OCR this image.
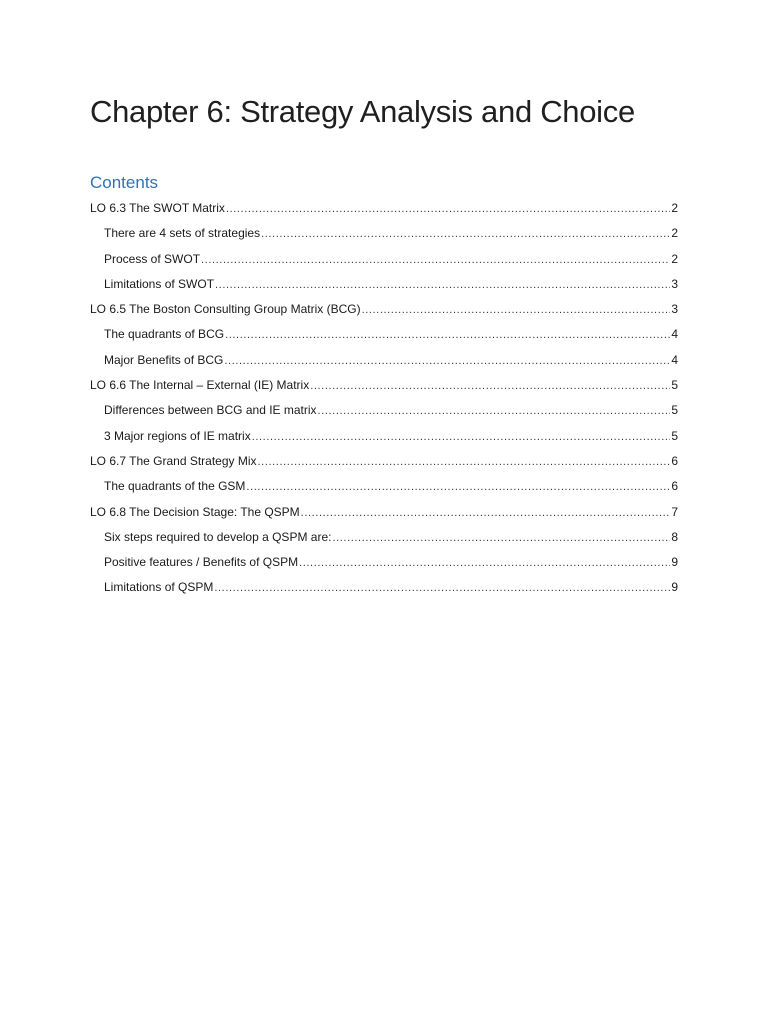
Chapter 6: Strategy Analysis and Choice
Contents
LO 6.3 The SWOT Matrix .....	2
There are 4 sets of strategies .....	2
Process of SWOT .....	2
Limitations of SWOT .....	3
LO 6.5 The Boston Consulting Group Matrix (BCG) .....	3
The quadrants of BCG .....	4
Major Benefits of BCG .....	4
LO 6.6 The Internal – External (IE) Matrix .....	5
Differences between BCG and IE matrix .....	5
3 Major regions of IE matrix .....	5
LO 6.7 The Grand Strategy Mix .....	6
The quadrants of the GSM .....	6
LO 6.8 The Decision Stage: The QSPM .....	7
Six steps required to develop a QSPM are: .....	8
Positive features / Benefits of QSPM .....	9
Limitations of QSPM .....	9
